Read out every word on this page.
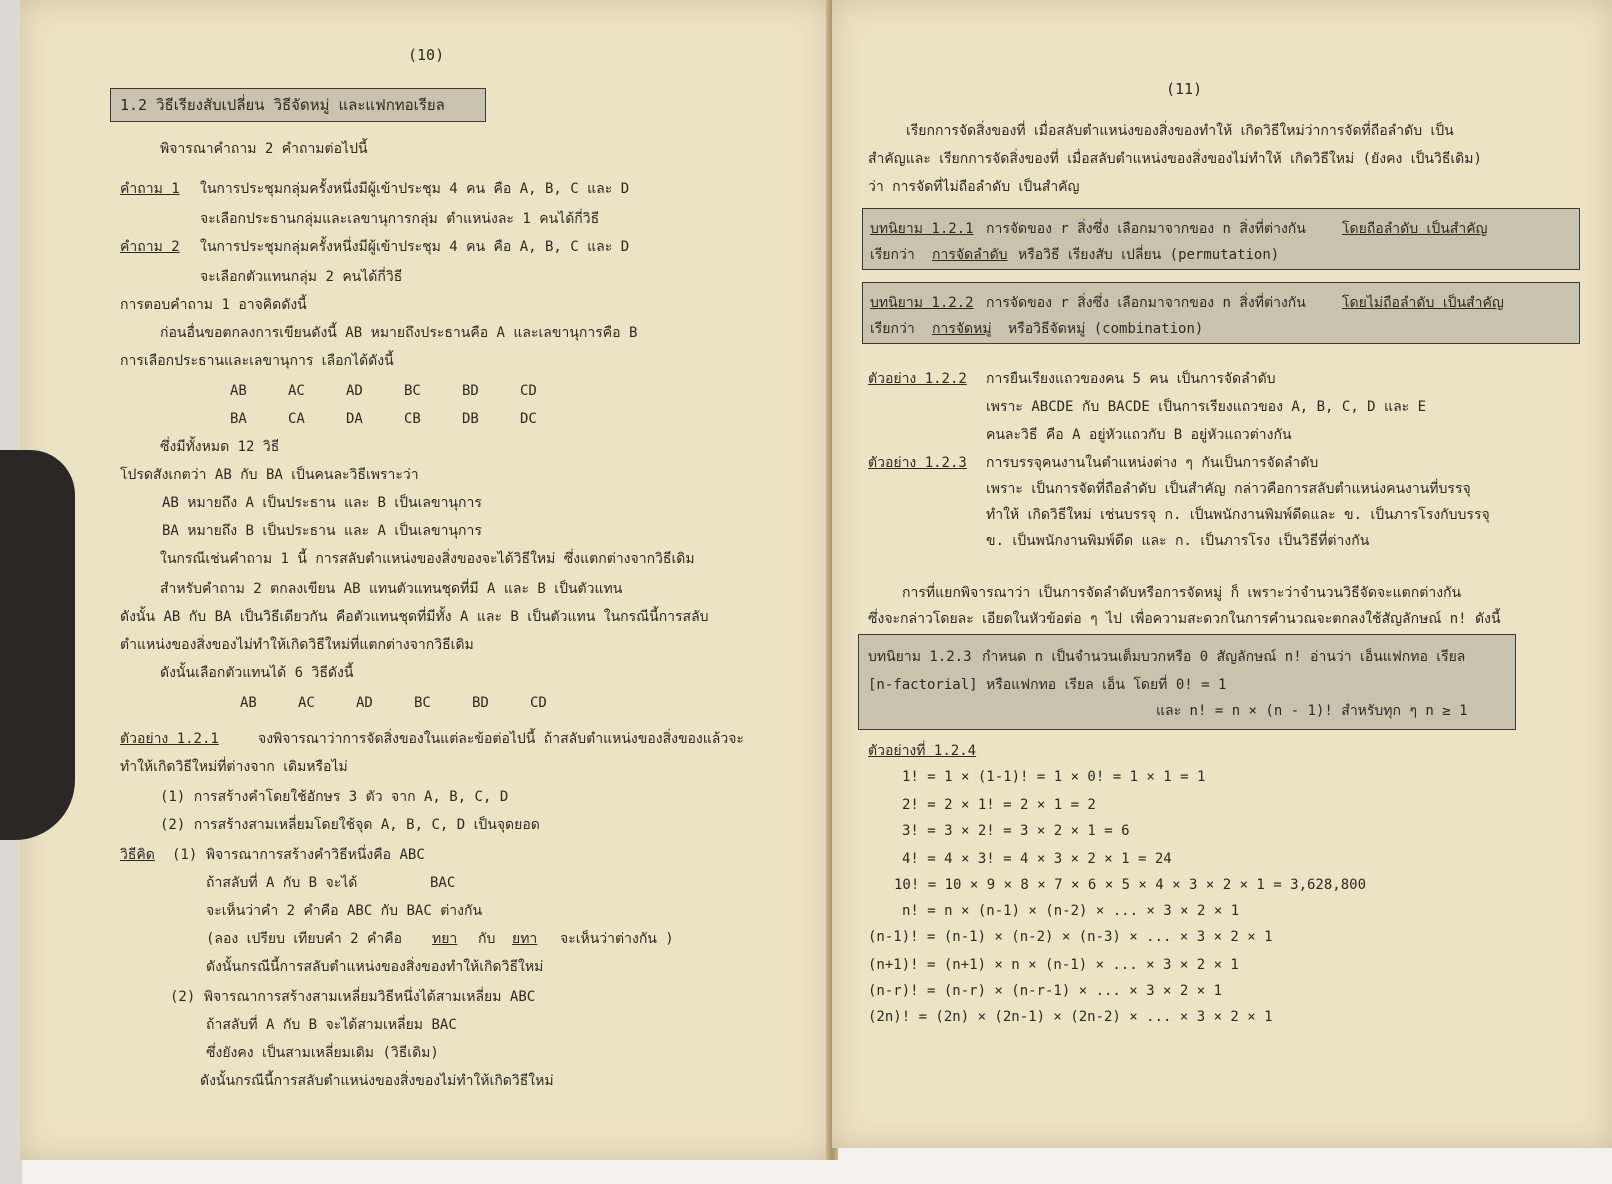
(10)
1.2 วิธีเรียงสับเปลี่ยน วิธีจัดหมู่ และแฟกทอเรียล
พิจารณาคำถาม 2 คำถามต่อไปนี้
คำถาม 1 ในการประชุมกลุ่มครั้งหนึ่งมีผู้เข้าประชุม 4 คน คือ A, B, C และ D
จะเลือกประธานกลุ่มและเลขานุการกลุ่ม ตำแหน่งละ 1 คนได้กี่วิธี
คำถาม 2 ในการประชุมกลุ่มครั้งหนึ่งมีผู้เข้าประชุม 4 คน คือ A, B, C และ D
จะเลือกตัวแทนกลุ่ม 2 คนได้กี่วิธี
การตอบคำถาม 1 อาจคิดดังนี้
ก่อนอื่นขอตกลงการเขียนดังนี้ AB หมายถึงประธานคือ A และเลขานุการคือ B
การเลือกประธานและเลขานุการ เลือกได้ดังนี้
AB	AC	AD	BC	BD	CD
BA	CA	DA	CB	DB	DC
ซึ่งมีทั้งหมด 12 วิธี
โปรดสังเกตว่า AB กับ BA เป็นคนละวิธีเพราะว่า
AB หมายถึง A เป็นประธาน และ B เป็นเลขานุการ
BA หมายถึง B เป็นประธาน และ A เป็นเลขานุการ
ในกรณีเช่นคำถาม 1 นี้ การสลับตำแหน่งของสิ่งของจะได้วิธีใหม่ ซึ่งแตกต่างจากวิธีเดิม
สำหรับคำถาม 2 ตกลงเขียน AB แทนตัวแทนชุดที่มี A และ B เป็นตัวแทน
ดังนั้น AB กับ BA เป็นวิธีเดียวกัน คือตัวแทนชุดที่มีทั้ง A และ B เป็นตัวแทน ในกรณีนี้การสลับ
ตำแหน่งของสิ่งของไม่ทำให้เกิดวิธีใหม่ที่แตกต่างจากวิธีเดิม
ดังนั้นเลือกตัวแทนได้ 6 วิธีดังนี้
AB	AC	AD	BC	BD	CD
ตัวอย่าง 1.2.1	จงพิจารณาว่าการจัดสิ่งของในแต่ละข้อต่อไปนี้ ถ้าสลับตำแหน่งของสิ่งของแล้วจะ
ทำให้เกิดวิธีใหม่ที่ต่างจาก เดิมหรือไม่
(1) การสร้างคำโดยใช้อักษร 3 ตัว จาก A, B, C, D
(2) การสร้างสามเหลี่ยมโดยใช้จุด A, B, C, D เป็นจุดยอด
วิธีคิด (1) พิจารณาการสร้างคำวิธีหนึ่งคือ ABC
ถ้าสลับที่ A กับ B จะได้	BAC
จะเห็นว่าคำ 2 คำคือ ABC กับ BAC ต่างกัน
(ลอง เปรียบ เทียบคำ 2 คำคือ ทยา กับ ยทา จะเห็นว่าต่างกัน )
ดังนั้นกรณีนี้การสลับตำแหน่งของสิ่งของทำให้เกิดวิธีใหม่
(2) พิจารณาการสร้างสามเหลี่ยมวิธีหนึ่งได้สามเหลี่ยม ABC
ถ้าสลับที่ A กับ B จะได้สามเหลี่ยม BAC
ซึ่งยังคง เป็นสามเหลี่ยมเดิม (วิธีเดิม)
ดังนั้นกรณีนี้การสลับตำแหน่งของสิ่งของไม่ทำให้เกิดวิธีใหม่
(11)
เรียกการจัดสิ่งของที่ เมื่อสลับตำแหน่งของสิ่งของทำให้ เกิดวิธีใหม่ว่าการจัดที่ถือลำดับ เป็น
สำคัญและ เรียกการจัดสิ่งของที่ เมื่อสลับตำแหน่งของสิ่งของไม่ทำให้ เกิดวิธีใหม่ (ยังคง เป็นวิธีเดิม)
ว่า การจัดที่ไม่ถือลำดับ เป็นสำคัญ
บทนิยาม 1.2.1 การจัดของ r สิ่งซึ่ง เลือกมาจากของ n สิ่งที่ต่างกัน	โดยถือลำดับ เป็นสำคัญ
เรียกว่า การจัดลำดับ หรือวิธี เรียงสับ เปลี่ยน (permutation)
บทนิยาม 1.2.2 การจัดของ r สิ่งซึ่ง เลือกมาจากของ n สิ่งที่ต่างกัน	โดยไม่ถือลำดับ เป็นสำคัญ
เรียกว่า การจัดหมู่ หรือวิธีจัดหมู่ (combination)
ตัวอย่าง 1.2.2 การยืนเรียงแถวของคน 5 คน เป็นการจัดลำดับ
เพราะ ABCDE กับ BACDE เป็นการเรียงแถวของ A, B, C, D และ E
คนละวิธี คือ A อยู่หัวแถวกับ B อยู่หัวแถวต่างกัน
ตัวอย่าง 1.2.3 การบรรจุคนงานในตำแหน่งต่าง ๆ กันเป็นการจัดลำดับ
เพราะ เป็นการจัดที่ถือลำดับ เป็นสำคัญ กล่าวคือการสลับตำแหน่งคนงานที่บรรจุ
ทำให้ เกิดวิธีใหม่ เช่นบรรจุ ก. เป็นพนักงานพิมพ์ดีดและ ข. เป็นภารโรงกับบรรจุ
ข. เป็นพนักงานพิมพ์ดีด และ ก. เป็นภารโรง เป็นวิธีที่ต่างกัน
การที่แยกพิจารณาว่า เป็นการจัดลำดับหรือการจัดหมู่ ก็ เพราะว่าจำนวนวิธีจัดจะแตกต่างกัน
ซึ่งจะกล่าวโดยละ เอียดในหัวข้อต่อ ๆ ไป เพื่อความสะดวกในการคำนวณจะตกลงใช้สัญลักษณ์ n! ดังนี้
บทนิยาม 1.2.3 กำหนด n เป็นจำนวนเต็มบวกหรือ 0 สัญลักษณ์ n! อ่านว่า เอ็นแฟกทอ เรียล
[n-factorial] หรือแฟกทอ เรียล เอ็น โดยที่ 0! = 1
และ n! = n × (n - 1)! สำหรับทุก ๆ n ≥ 1
ตัวอย่างที่ 1.2.4
1! = 1 × (1-1)! = 1 × 0! = 1 × 1 = 1
2! = 2 × 1! = 2 × 1 = 2
3! = 3 × 2! = 3 × 2 × 1 = 6
4! = 4 × 3! = 4 × 3 × 2 × 1 = 24
10! = 10 × 9 × 8 × 7 × 6 × 5 × 4 × 3 × 2 × 1 = 3,628,800
n! = n × (n-1) × (n-2) × ... × 3 × 2 × 1
(n-1)! = (n-1) × (n-2) × (n-3) × ... × 3 × 2 × 1
(n+1)! = (n+1) × n × (n-1) × ... × 3 × 2 × 1
(n-r)! = (n-r) × (n-r-1) × ... × 3 × 2 × 1
(2n)! = (2n) × (2n-1) × (2n-2) × ... × 3 × 2 × 1
